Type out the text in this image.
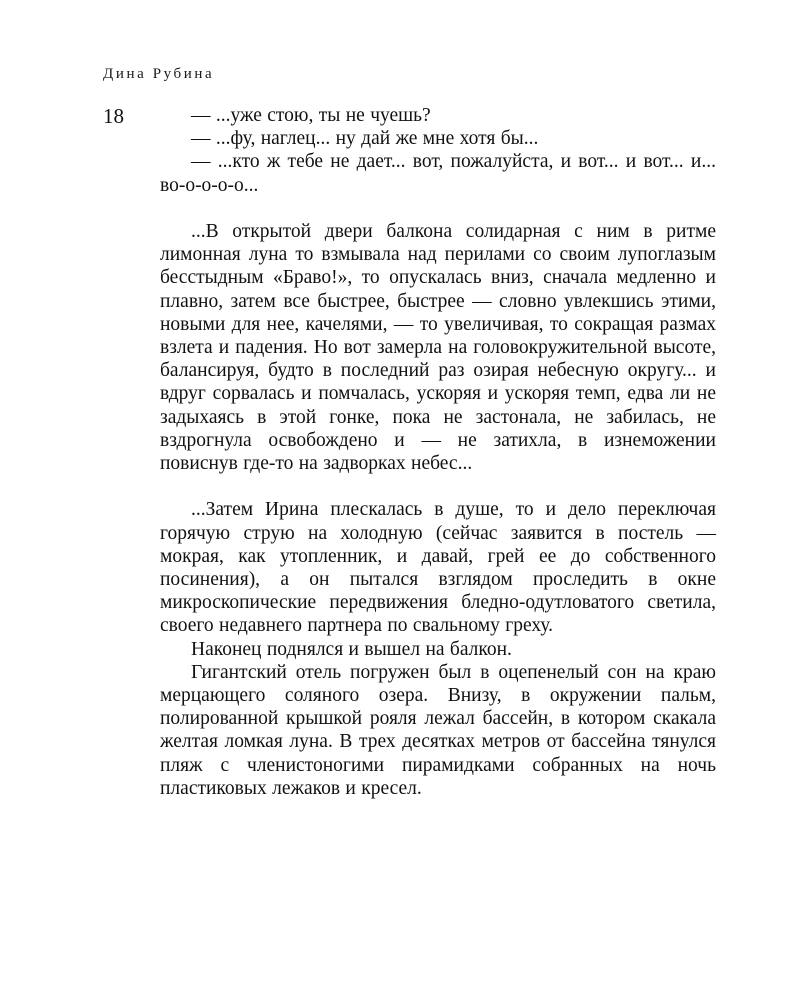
Дина Рубина
18	— ...уже стою, ты не чуешь?

— ...фу, наглец... ну дай же мне хотя бы...

— ...кто ж тебе не дает... вот, пожалуйста, и вот... и вот... и... во-о-о-о-о...

...В открытой двери балкона солидарная с ним в ритме лимонная луна то взмывала над перилами со своим лупоглазым бесстыдным «Браво!», то опускалась вниз, сначала медленно и плавно, затем все быстрее, быстрее — словно увлекшись этими, новыми для нее, качелями, — то увеличивая, то сокращая размах взлета и падения. Но вот замерла на головокружительной высоте, балансируя, будто в последний раз озирая небесную округу... и вдруг сорвалась и помчалась, ускоряя и ускоряя темп, едва ли не задыхаясь в этой гонке, пока не застонала, не забилась, не вздрогнула освобождено и — не затихла, в изнеможении повиснув где-то на задворках небес...

...Затем Ирина плескалась в душе, то и дело переключая горячую струю на холодную (сейчас заявится в постель — мокрая, как утопленник, и давай, грей ее до собственного посинения), а он пытался взглядом проследить в окне микроскопические передвижения бледно-одутловатого светила, своего недавнего партнера по свальному греху.

Наконец поднялся и вышел на балкон.

Гигантский отель погружен был в оцепенелый сон на краю мерцающего соляного озера. Внизу, в окружении пальм, полированной крышкой рояля лежал бассейн, в котором скакала желтая ломкая луна. В трех десятках метров от бассейна тянулся пляж с членистоногими пирамидками собранных на ночь пластиковых лежаков и кресел.
